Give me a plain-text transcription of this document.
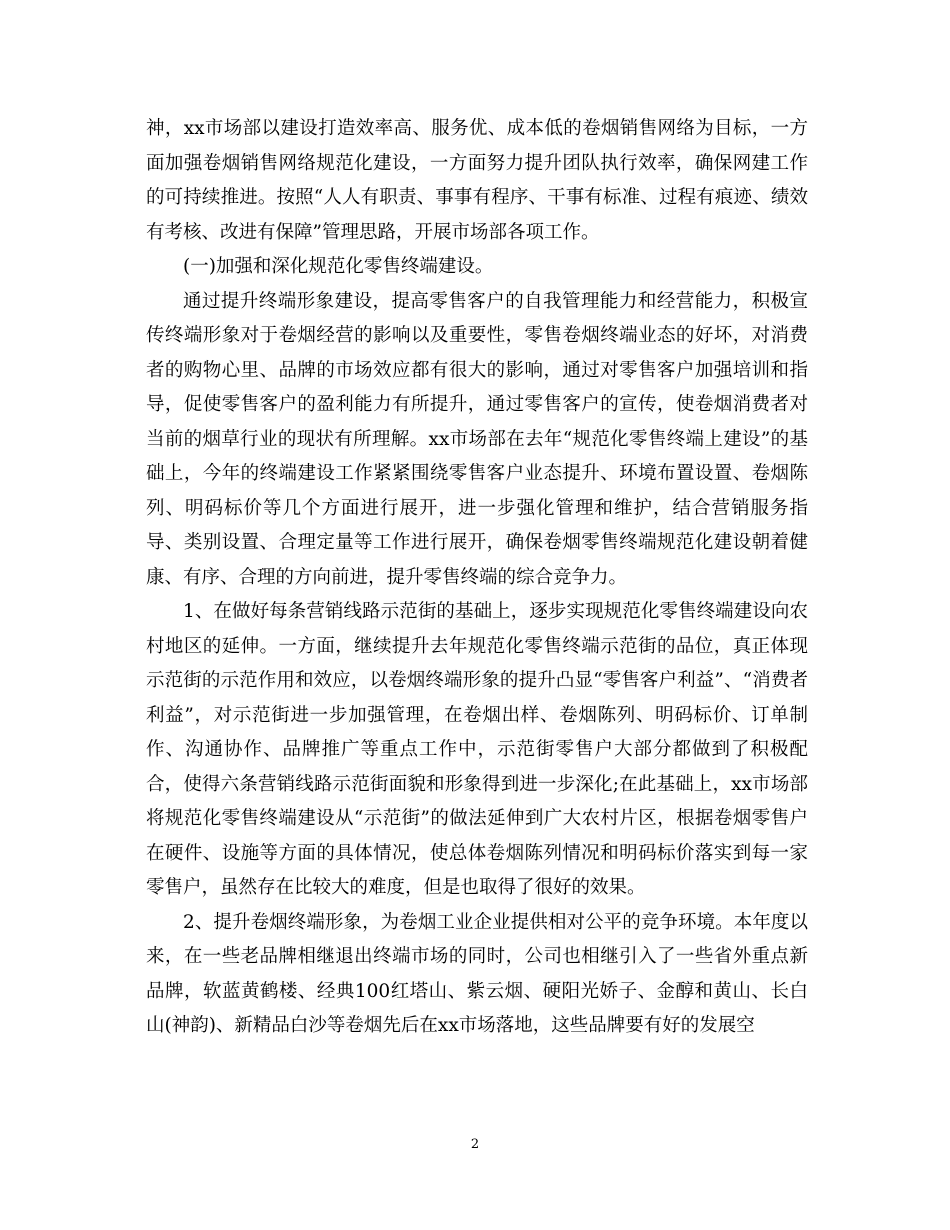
神，xx市场部以建设打造效率高、服务优、成本低的卷烟销售网络为目标，一方面加强卷烟销售网络规范化建设，一方面努力提升团队执行效率，确保网建工作的可持续推进。按照“人人有职责、事事有程序、干事有标准、过程有痕迹、绩效有考核、改进有保障”管理思路，开展市场部各项工作。

(一)加强和深化规范化零售终端建设。

通过提升终端形象建设，提高零售客户的自我管理能力和经营能力，积极宣传终端形象对于卷烟经营的影响以及重要性，零售卷烟终端业态的好坏，对消费者的购物心里、品牌的市场效应都有很大的影响，通过对零售客户加强培训和指导，促使零售客户的盈利能力有所提升，通过零售客户的宣传，使卷烟消费者对当前的烟草行业的现状有所理解。xx市场部在去年“规范化零售终端上建设”的基础上，今年的终端建设工作紧紧围绕零售客户业态提升、环境布置设置、卷烟陈列、明码标价等几个方面进行展开，进一步强化管理和维护，结合营销服务指导、类别设置、合理定量等工作进行展开，确保卷烟零售终端规范化建设朝着健康、有序、合理的方向前进，提升零售终端的综合竞争力。

1、在做好每条营销线路示范街的基础上，逐步实现规范化零售终端建设向农村地区的延伸。一方面，继续提升去年规范化零售终端示范街的品位，真正体现示范街的示范作用和效应，以卷烟终端形象的提升凸显“零售客户利益”、“消费者利益”，对示范街进一步加强管理，在卷烟出样、卷烟陈列、明码标价、订单制作、沟通协作、品牌推广等重点工作中，示范街零售户大部分都做到了积极配合，使得六条营销线路示范街面貌和形象得到进一步深化;在此基础上，xx市场部将规范化零售终端建设从“示范街”的做法延伸到广大农村片区，根据卷烟零售户在硬件、设施等方面的具体情况，使总体卷烟陈列情况和明码标价落实到每一家零售户，虽然存在比较大的难度，但是也取得了很好的效果。

2、提升卷烟终端形象，为卷烟工业企业提供相对公平的竞争环境。本年度以来，在一些老品牌相继退出终端市场的同时，公司也相继引入了一些省外重点新品牌，软蓝黄鹤楼、经典100红塔山、紫云烟、硬阳光娇子、金醇和黄山、长白山(神韵)、新精品白沙等卷烟先后在xx市场落地，这些品牌要有好的发展空

2
